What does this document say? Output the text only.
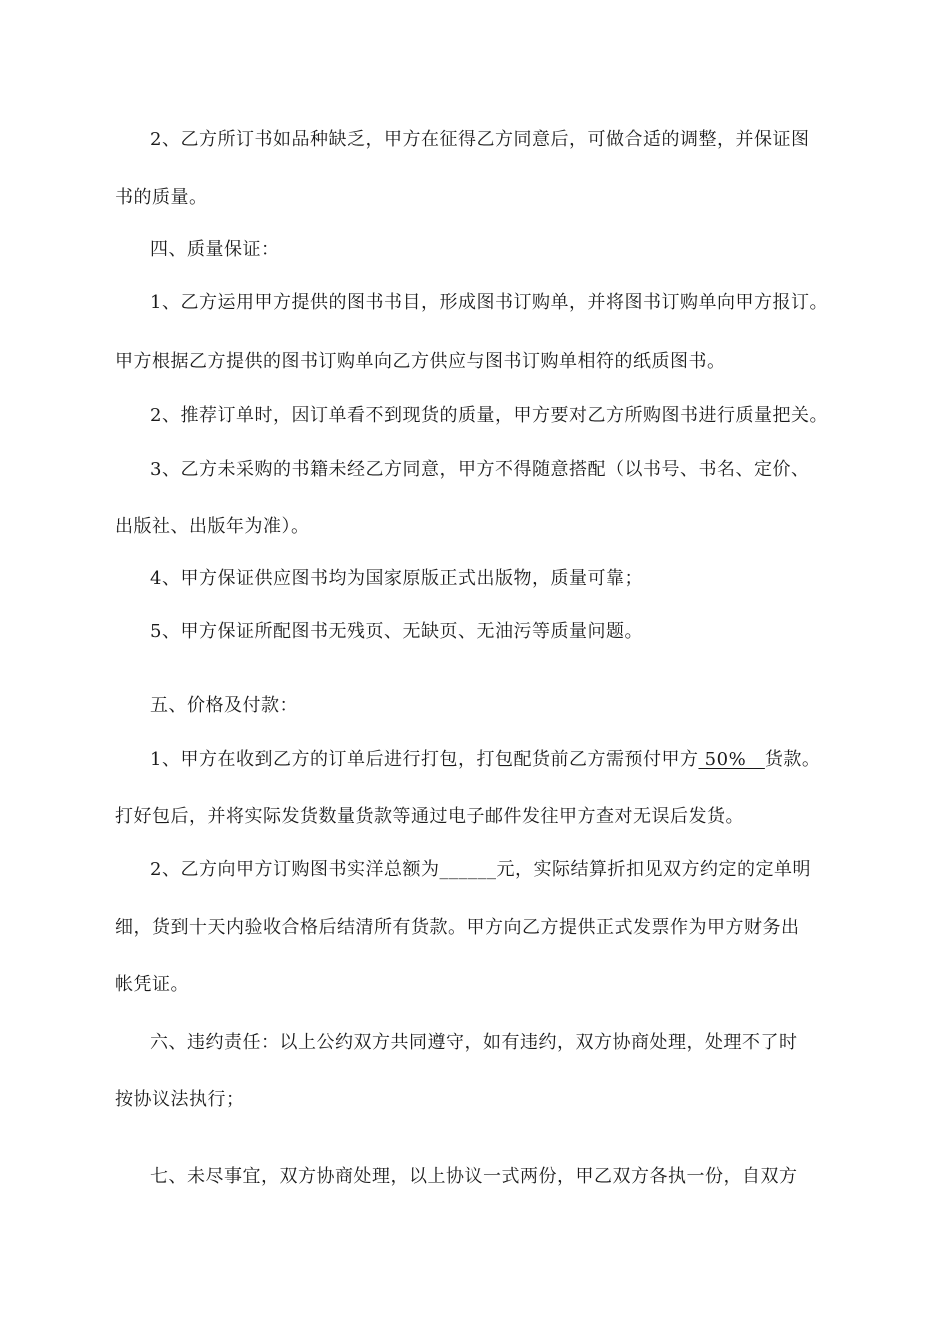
2、乙方所订书如品种缺乏，甲方在征得乙方同意后，可做合适的调整，并保证图
书的质量。
四、质量保证：
1、乙方运用甲方提供的图书书目，形成图书订购单，并将图书订购单向甲方报订。
甲方根据乙方提供的图书订购单向乙方供应与图书订购单相符的纸质图书。
2、推荐订单时，因订单看不到现货的质量，甲方要对乙方所购图书进行质量把关。
3、乙方未采购的书籍未经乙方同意，甲方不得随意搭配（以书号、书名、定价、
出版社、出版年为准）。
4、甲方保证供应图书均为国家原版正式出版物，质量可靠；
5、甲方保证所配图书无残页、无缺页、无油污等质量问题。
五、价格及付款：
1、甲方在收到乙方的订单后进行打包，打包配货前乙方需预付甲方 50%   货款。
打好包后，并将实际发货数量货款等通过电子邮件发往甲方查对无误后发货。
2、乙方向甲方订购图书实洋总额为______元，实际结算折扣见双方约定的定单明
细，货到十天内验收合格后结清所有货款。甲方向乙方提供正式发票作为甲方财务出
帐凭证。
六、违约责任：以上公约双方共同遵守，如有违约，双方协商处理，处理不了时
按协议法执行；
七、未尽事宜，双方协商处理，以上协议一式两份，甲乙双方各执一份，自双方
